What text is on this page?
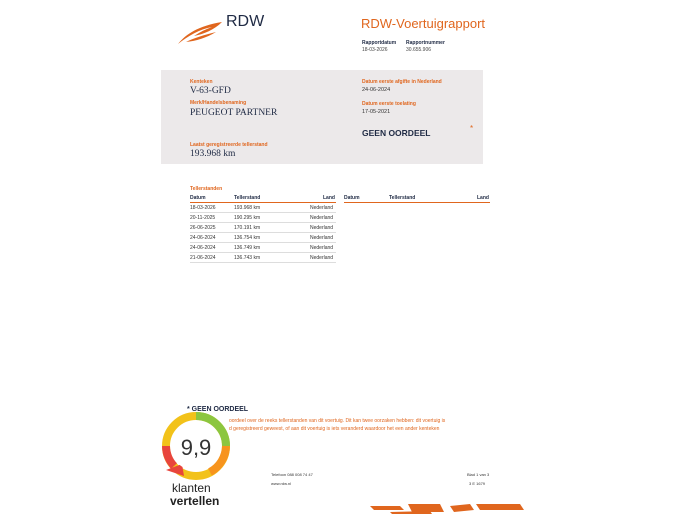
RDW	RDW-Voertuigrapport
Rapportdatum
18-03-2026
Rapportnummer
30.655.906
Kenteken
V-63-GFD
Merk/Handelsbenaming
PEUGEOT PARTNER
Laatst geregistreerde tellerstand
193.968 km
Datum eerste afgifte in Nederland
24-06-2024
Datum eerste toelating
17-05-2021
GEEN OORDEEL	*
Tellerstanden
Datum	Tellerstand	Land Datum	Tellerstand	Land
18-03-2026	193.968 km	Nederland
20-11-2025	190.295 km	Nederland
26-06-2025	170.191 km	Nederland
24-06-2024	136.754 km	Nederland
24-06-2024	136.749 km	Nederland
21-06-2024	136.743 km	Nederland
* GEEN OORDEEL
oordeel over de reeks tellerstanden van dit voertuig. Dit kan twee oorzaken hebben: dit voertuig is
d geregistreerd geweest, of aan dit voertuig is iets veranderd waardoor het een ander kenteken
Telefoon 088 008 74 47
www.rdw.nl
Blad 1 van 3
3 E 1679
9,9
klanten
vertellen
